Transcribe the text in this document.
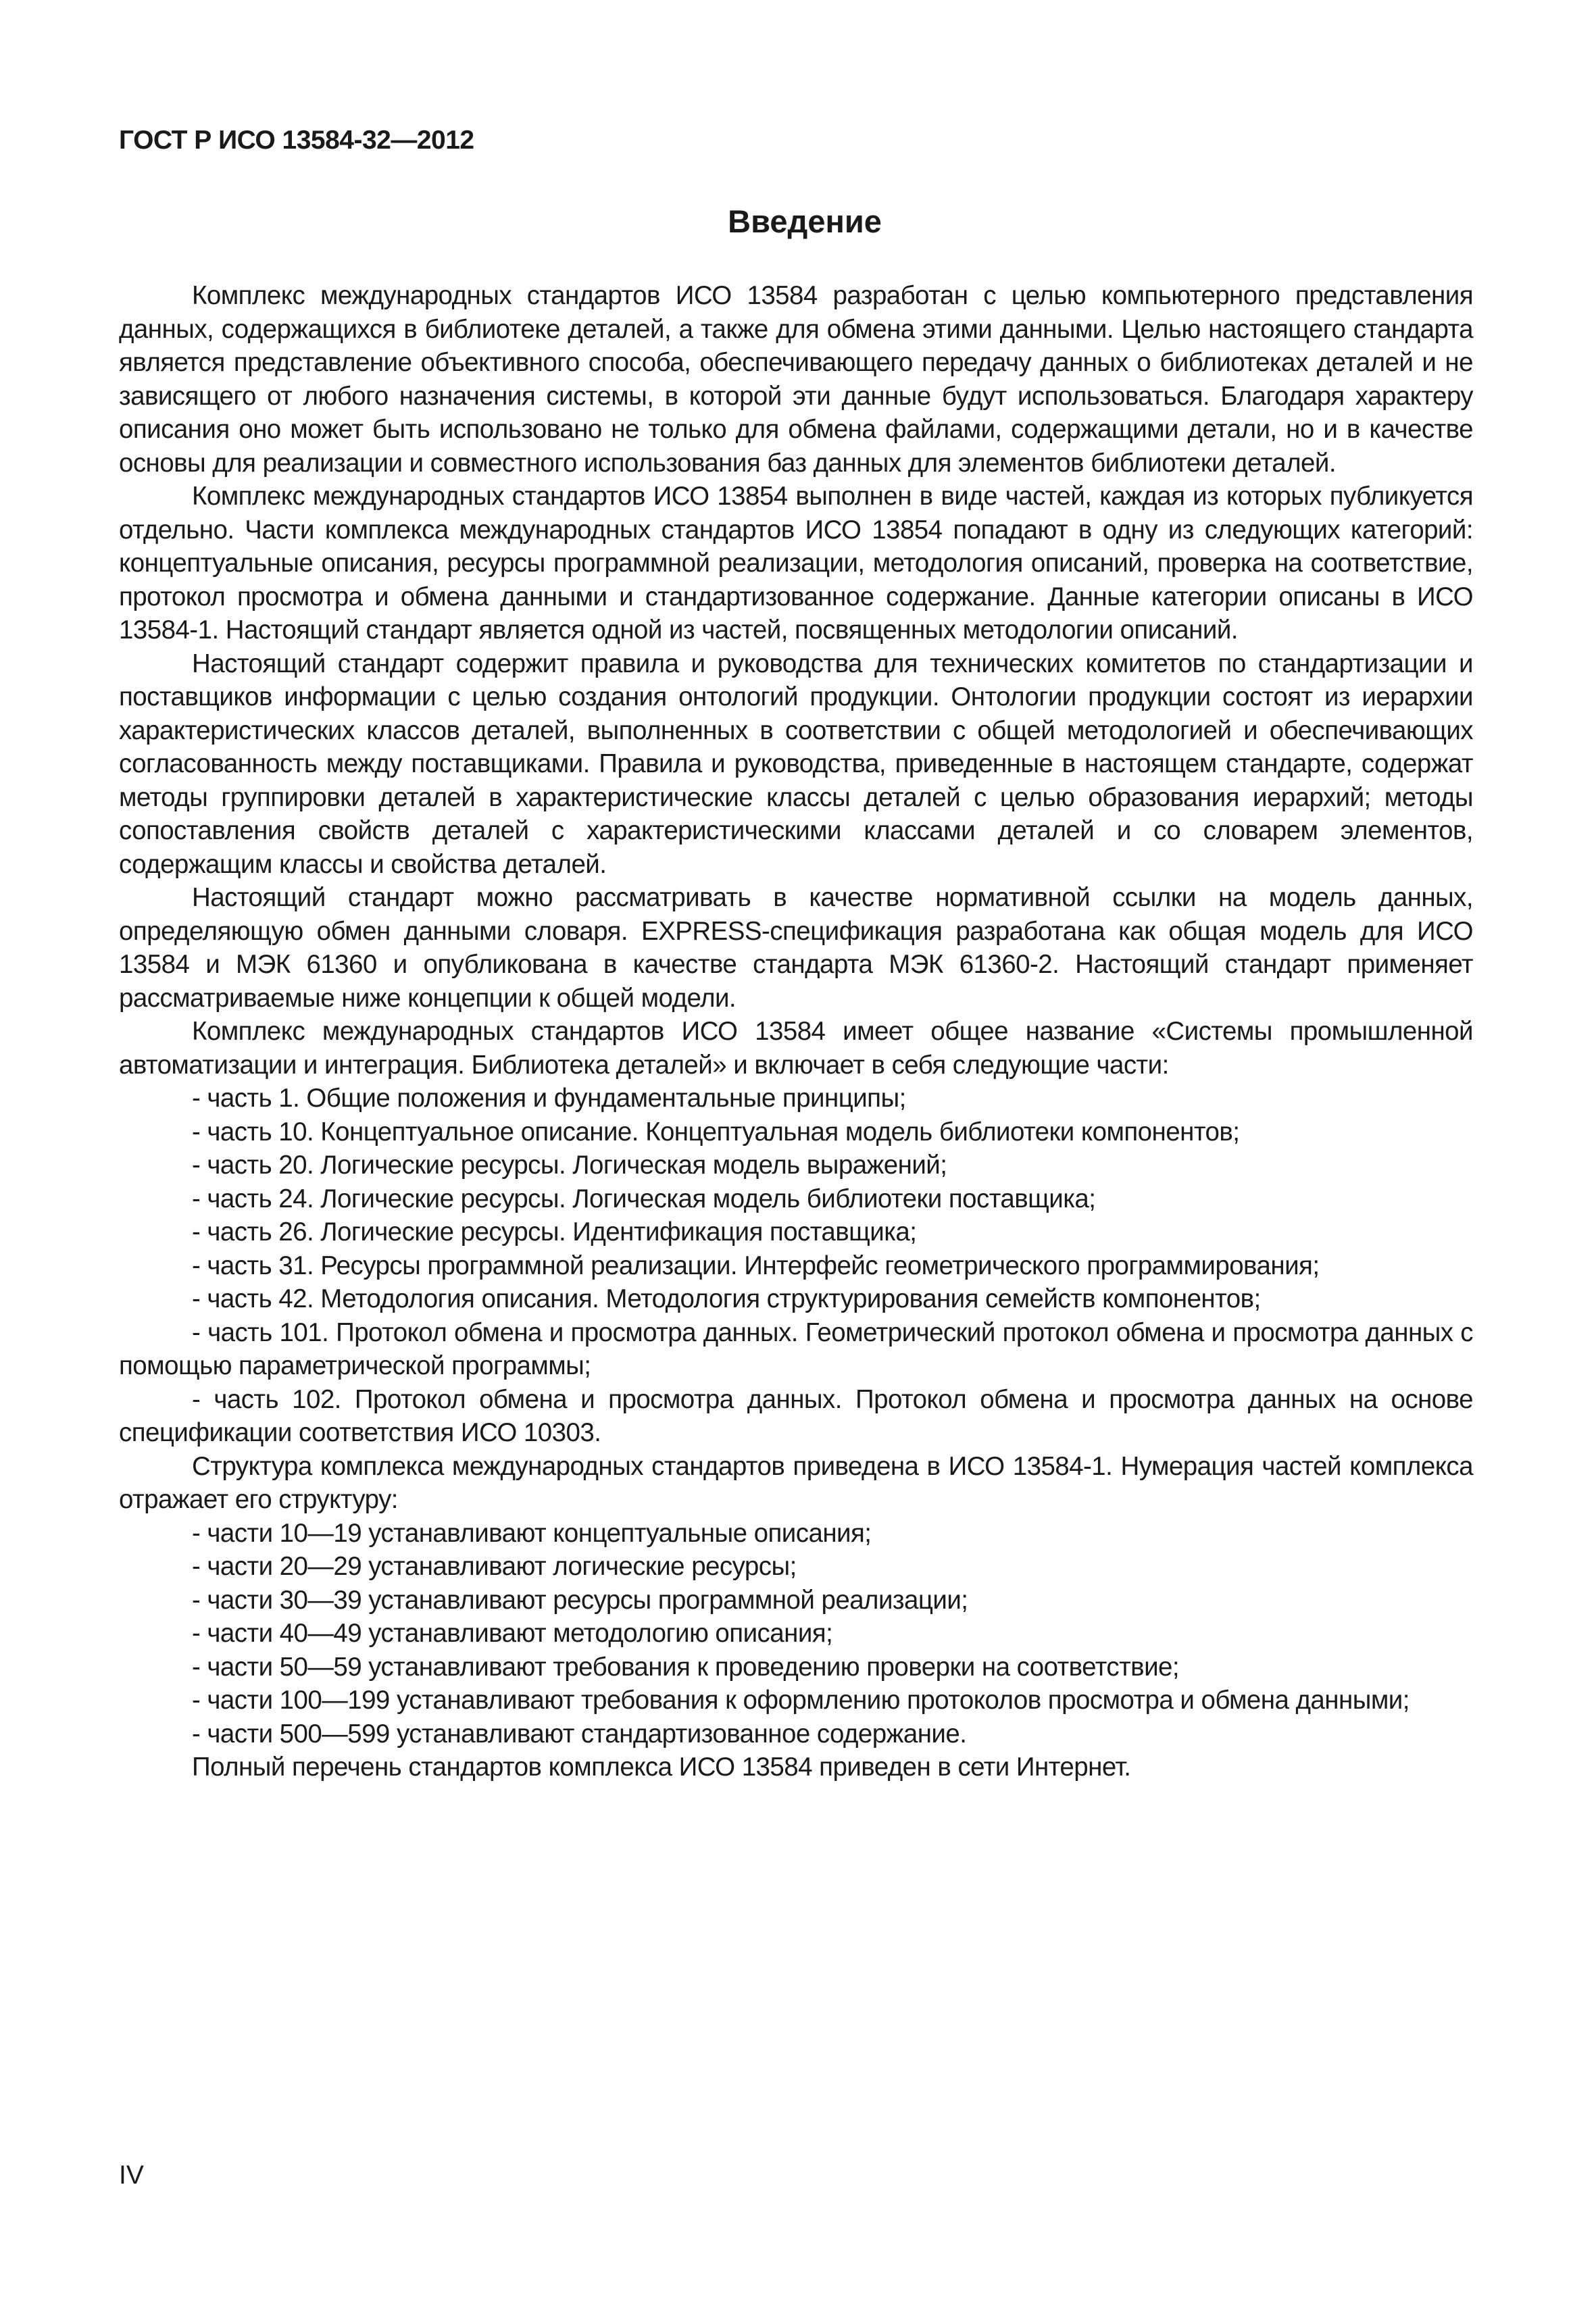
ГОСТ Р ИСО 13584-32—2012
Введение

Комплекс международных стандартов ИСО 13584 разработан с целью компьютерного представления данных, содержащихся в библиотеке деталей, а также для обмена этими данными. Целью настоящего стандарта является представление объективного способа, обеспечивающего передачу данных о библиотеках деталей и не зависящего от любого назначения системы, в которой эти данные будут использоваться. Благодаря характеру описания оно может быть использовано не только для обмена файлами, содержащими детали, но и в качестве основы для реализации и совместного использования баз данных для элементов библиотеки деталей.

Комплекс международных стандартов ИСО 13854 выполнен в виде частей, каждая из которых публикуется отдельно. Части комплекса международных стандартов ИСО 13854 попадают в одну из следующих категорий: концептуальные описания, ресурсы программной реализации, методология описаний, проверка на соответствие, протокол просмотра и обмена данными и стандартизованное содержание. Данные категории описаны в ИСО 13584-1. Настоящий стандарт является одной из частей, посвященных методологии описаний.

Настоящий стандарт содержит правила и руководства для технических комитетов по стандартизации и поставщиков информации с целью создания онтологий продукции. Онтологии продукции состоят из иерархии характеристических классов деталей, выполненных в соответствии с общей методологией и обеспечивающих согласованность между поставщиками. Правила и руководства, приведенные в настоящем стандарте, содержат методы группировки деталей в характеристические классы деталей с целью образования иерархий; методы сопоставления свойств деталей с характеристическими классами деталей и со словарем элементов, содержащим классы и свойства деталей.

Настоящий стандарт можно рассматривать в качестве нормативной ссылки на модель данных, определяющую обмен данными словаря. EXPRESS-спецификация разработана как общая модель для ИСО 13584 и МЭК 61360 и опубликована в качестве стандарта МЭК 61360-2. Настоящий стандарт применяет рассматриваемые ниже концепции к общей модели.

Комплекс международных стандартов ИСО 13584 имеет общее название «Системы промышленной автоматизации и интеграция. Библиотека деталей» и включает в себя следующие части:

- часть 1. Общие положения и фундаментальные принципы;

- часть 10. Концептуальное описание. Концептуальная модель библиотеки компонентов;

- часть 20. Логические ресурсы. Логическая модель выражений;

- часть 24. Логические ресурсы. Логическая модель библиотеки поставщика;

- часть 26. Логические ресурсы. Идентификация поставщика;

- часть 31. Ресурсы программной реализации. Интерфейс геометрического программирования;

- часть 42. Методология описания. Методология структурирования семейств компонентов;

- часть 101. Протокол обмена и просмотра данных. Геометрический протокол обмена и просмотра данных с помощью параметрической программы;

- часть 102. Протокол обмена и просмотра данных. Протокол обмена и просмотра данных на основе спецификации соответствия ИСО 10303.

Структура комплекса международных стандартов приведена в ИСО 13584-1. Нумерация частей комплекса отражает его структуру:

- части 10—19 устанавливают концептуальные описания;

- части 20—29 устанавливают логические ресурсы;

- части 30—39 устанавливают ресурсы программной реализации;

- части 40—49 устанавливают методологию описания;

- части 50—59 устанавливают требования к проведению проверки на соответствие;

- части 100—199 устанавливают требования к оформлению протоколов просмотра и обмена данными;

- части 500—599 устанавливают стандартизованное содержание.

Полный перечень стандартов комплекса ИСО 13584 приведен в сети Интернет.

IV
